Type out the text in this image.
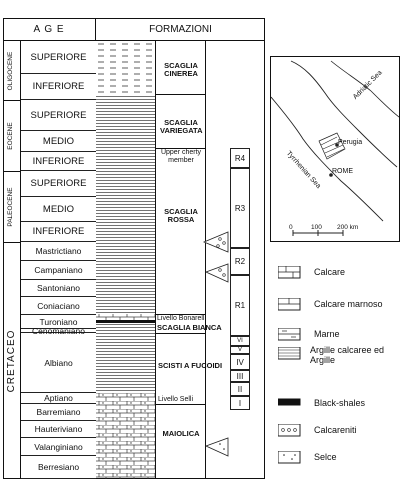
A G E	FORMAZIONI
OLIGOCENE
EOCENE
PALEOCENE
CRETACEO
SUPERIORE
INFERIORE
SUPERIORE
MEDIO
INFERIORE
SUPERIORE
MEDIO
INFERIORE
Mastrictiano
Campaniano
Santoniano
Coniaciano
Turoniano
Cenomaniano
Albiano
Aptiano
Barremiano
Hauteriviano
Valanginiano
Berresiano
SCAGLIA CINEREA
SCAGLIA VARIEGATA
Upper cherty member
SCAGLIA ROSSA
Livello Bonarelli
SCAGLIA BIANCA
SCISTI A FUCOIDI
Livello Selli
MAIOLICA
R4
R3
R2
R1
VI
V
IV
III
II
I
Adriatic Sea
Tyrrhenian Sea
Perugia
ROME
0	100 200 km
Calcare
Calcare marnoso
Marne
Argille calcaree ed Argille
Black-shales
Calcareniti
Selce
